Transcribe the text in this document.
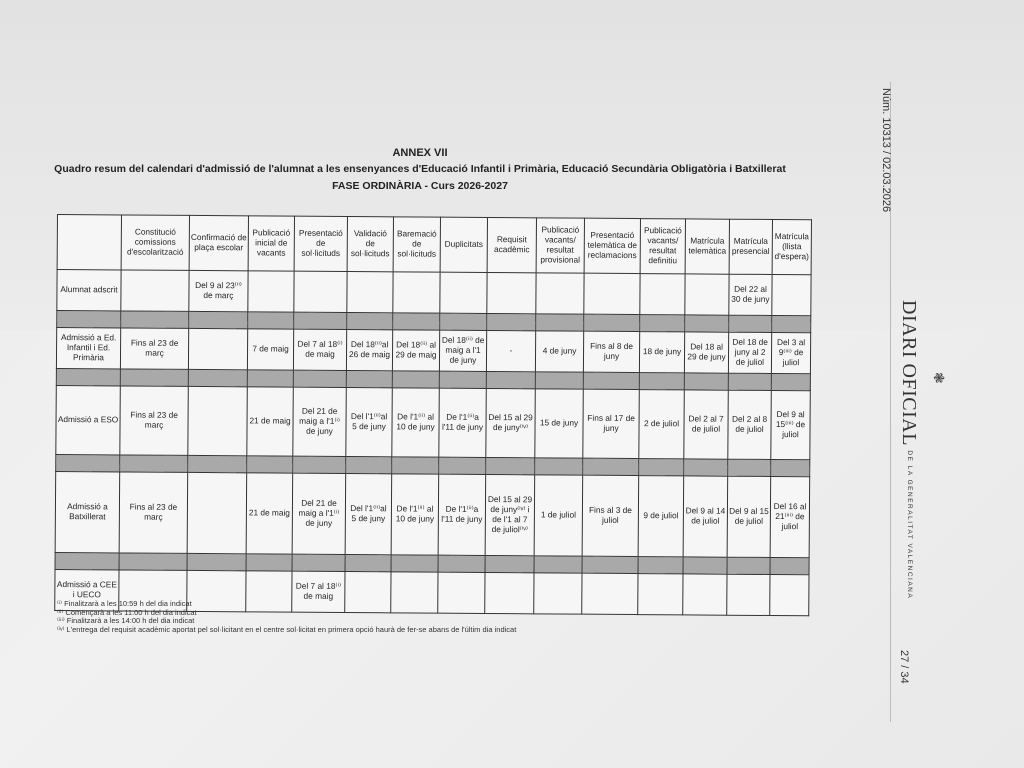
ANNEX VII
Quadro resum del calendari d'admissió de l'alumnat a les ensenyances d'Educació Infantil i Primària, Educació Secundària Obligatòria i Batxillerat
FASE ORDINÀRIA - Curs 2026-2027
	Constitució comissions d'escolarització	Confirmació de plaça escolar	Publicació inicial de vacants	Presentació de sol·licituds	Validació de sol·licituds	Baremació de sol·licituds	Duplicitats	Requisit acadèmic	Publicació vacants/ resultat provisional	Presentació telemàtica de reclamacions	Publicació vacants/ resultat definitiu	Matrícula telemàtica	Matrícula presencial	Matrícula (llista d'espera)
Alumnat adscrit		Del 9 al 23⁽ⁱⁱ⁾ de març											Del 22 al 30 de juny	

Admissió a Ed. Infantil i Ed. Primària	Fins al 23 de març		7 de maig	Del 7 al 18⁽ⁱ⁾ de maig	Del 18⁽ⁱⁱ⁾al 26 de maig	Del 18⁽ⁱⁱ⁾ al 29 de maig	Del 18⁽ⁱⁱ⁾ de maig a l'1 de juny	-	4 de juny	Fins al 8 de juny	18 de juny	Del 18 al 29 de juny	Del 18 de juny al 2 de juliol	Del 3 al 9⁽ⁱⁱⁱ⁾ de juliol

Admissió a ESO	Fins al 23 de març		21 de maig	Del 21 de maig a l'1⁽ⁱ⁾ de juny	Del l'1⁽ⁱⁱ⁾al 5 de juny	De l'1⁽ⁱⁱ⁾ al 10 de juny	De l'1⁽ⁱⁱ⁾a l'11 de juny	Del 15 al 29 de juny⁽ⁱᵛ⁾	15 de juny	Fins al 17 de juny	2 de juliol	Del 2 al 7 de juliol	Del 2 al 8 de juliol	Del 9 al 15⁽ⁱⁱⁱ⁾ de juliol

Admissió a Batxillerat	Fins al 23 de març		21 de maig	Del 21 de maig a l'1⁽ⁱ⁾ de juny	Del l'1⁽ⁱⁱ⁾al 5 de juny	De l'1⁽ⁱⁱ⁾ al 10 de juny	De l'1⁽ⁱⁱ⁾a l'11 de juny	Del 15 al 29 de juny⁽ⁱᵛ⁾ i de l'1 al 7 de juliol⁽ⁱᵛ⁾	1 de juliol	Fins al 3 de juliol	9 de juliol	Del 9 al 14 de juliol	Del 9 al 15 de juliol	Del 16 al 21⁽ⁱⁱⁱ⁾ de juliol

Admissió a CEE i UECO				Del 7 al 18⁽ⁱ⁾ de maig										
⁽ⁱ⁾ Finalitzarà a les 10:59 h del dia indicat
⁽ⁱⁱ⁾ Començarà a les 11:00 h del dia indicat
⁽ⁱⁱⁱ⁾ Finalitzarà a les 14:00 h del dia indicat
⁽ⁱᵛ⁾ L'entrega del requisit acadèmic aportat pel sol·licitant en el centre sol·licitat en primera opció haurà de fer-se abans de l'últim dia indicat
Núm. 10313 / 02.03.2026
❃
DIARI OFICIAL DE LA GENERALITAT VALENCIANA
27 / 34
